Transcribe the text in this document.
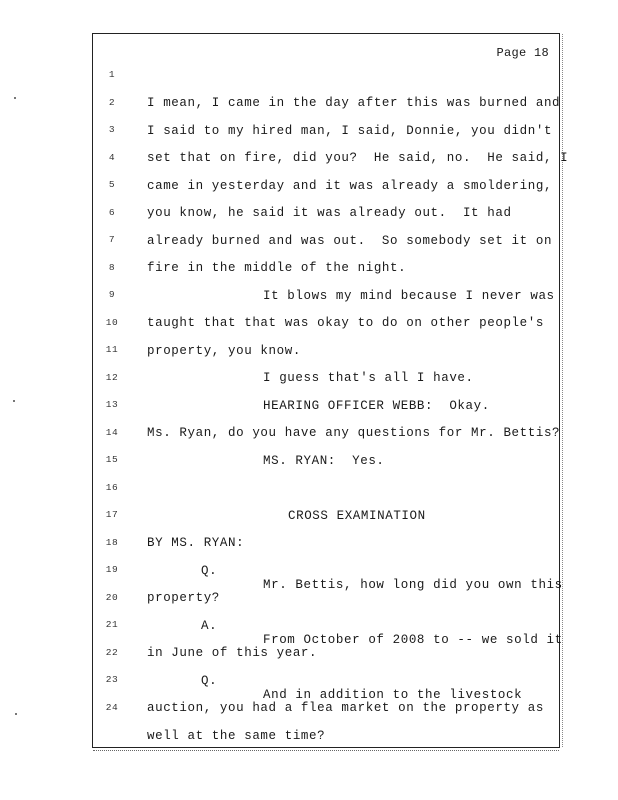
Page 18

1

I mean, I came in the day after this was burned and

2

I said to my hired man, I said, Donnie, you didn't

3

set that on fire, did you?  He said, no.  He said, I

4

came in yesterday and it was already a smoldering,

5

you know, he said it was already out.  It had

6

already burned and was out.  So somebody set it on

7

fire in the middle of the night.

8

It blows my mind because I never was

9

taught that that was okay to do on other people's

10

property, you know.

11

I guess that's all I have.

12

HEARING OFFICER WEBB:  Okay.

13

Ms. Ryan, do you have any questions for Mr. Bettis?

14

MS. RYAN:  Yes.

15

16

CROSS EXAMINATION

17

BY MS. RYAN:

18

Q.

Mr. Bettis, how long did you own this

19

property?

20

A.

From October of 2008 to -- we sold it

21

in June of this year.

22

Q.

And in addition to the livestock

23

auction, you had a flea market on the property as

24

well at the same time?
